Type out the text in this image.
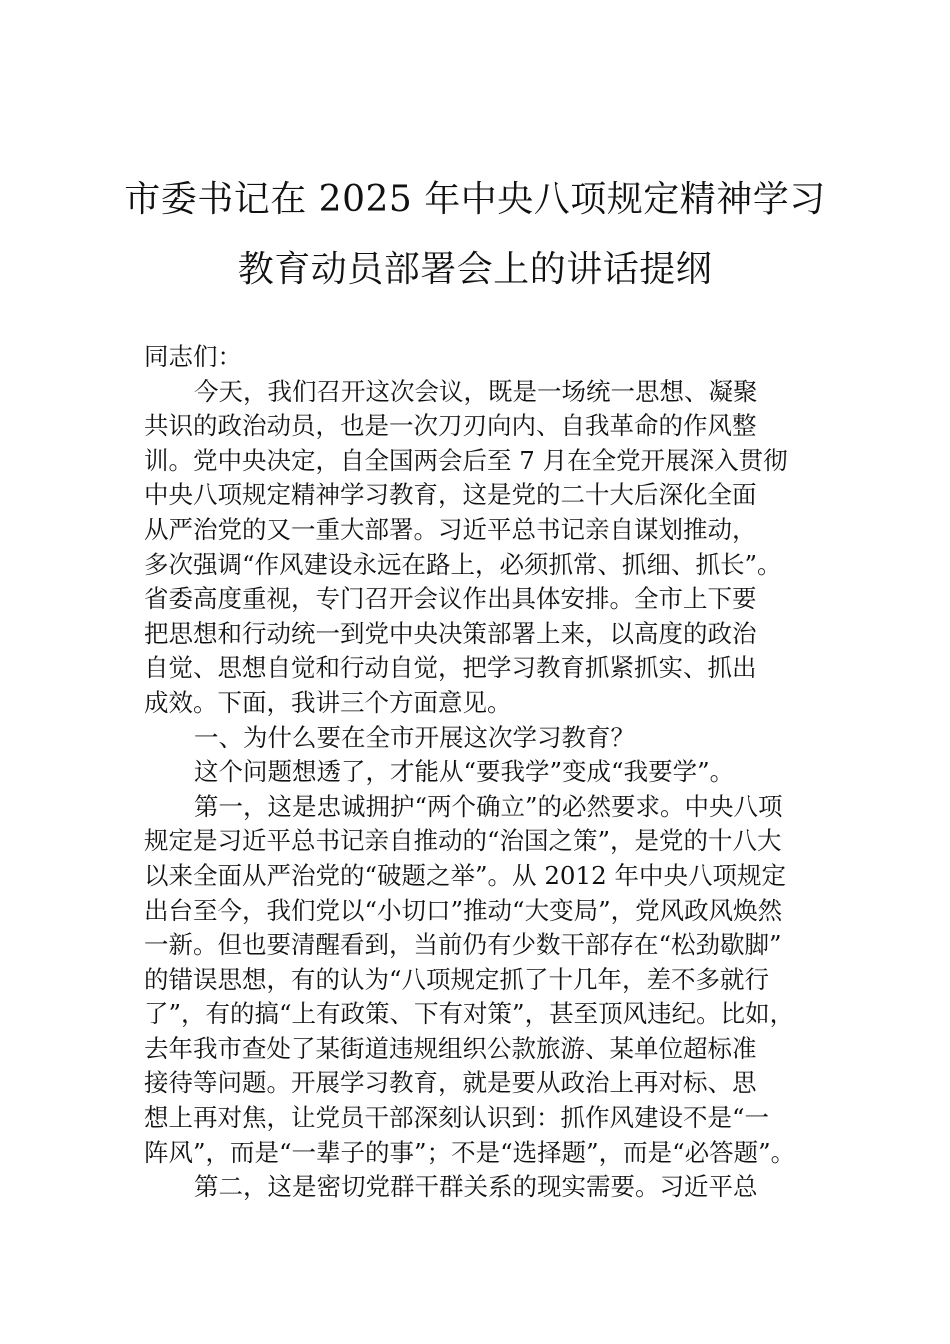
市委书记在 2025 年中央八项规定精神学习
教育动员部署会上的讲话提纲
同志们：
今天，我们召开这次会议，既是一场统一思想、凝聚
共识的政治动员，也是一次刀刃向内、自我革命的作风整
训。党中央决定，自全国两会后至 7 月在全党开展深入贯彻
中央八项规定精神学习教育，这是党的二十大后深化全面
从严治党的又一重大部署。习近平总书记亲自谋划推动，
多次强调“作风建设永远在路上，必须抓常、抓细、抓长”。
省委高度重视，专门召开会议作出具体安排。全市上下要
把思想和行动统一到党中央决策部署上来，以高度的政治
自觉、思想自觉和行动自觉，把学习教育抓紧抓实、抓出
成效。下面，我讲三个方面意见。
一、为什么要在全市开展这次学习教育？
这个问题想透了，才能从“要我学”变成“我要学”。
第一，这是忠诚拥护“两个确立”的必然要求。中央八项
规定是习近平总书记亲自推动的“治国之策”，是党的十八大
以来全面从严治党的“破题之举”。从 2012 年中央八项规定
出台至今，我们党以“小切口”推动“大变局”，党风政风焕然
一新。但也要清醒看到，当前仍有少数干部存在“松劲歇脚”
的错误思想，有的认为“八项规定抓了十几年，差不多就行
了”，有的搞“上有政策、下有对策”，甚至顶风违纪。比如，
去年我市查处了某街道违规组织公款旅游、某单位超标准
接待等问题。开展学习教育，就是要从政治上再对标、思
想上再对焦，让党员干部深刻认识到：抓作风建设不是“一
阵风”，而是“一辈子的事”；不是“选择题”，而是“必答题”。
第二，这是密切党群干群关系的现实需要。习近平总
